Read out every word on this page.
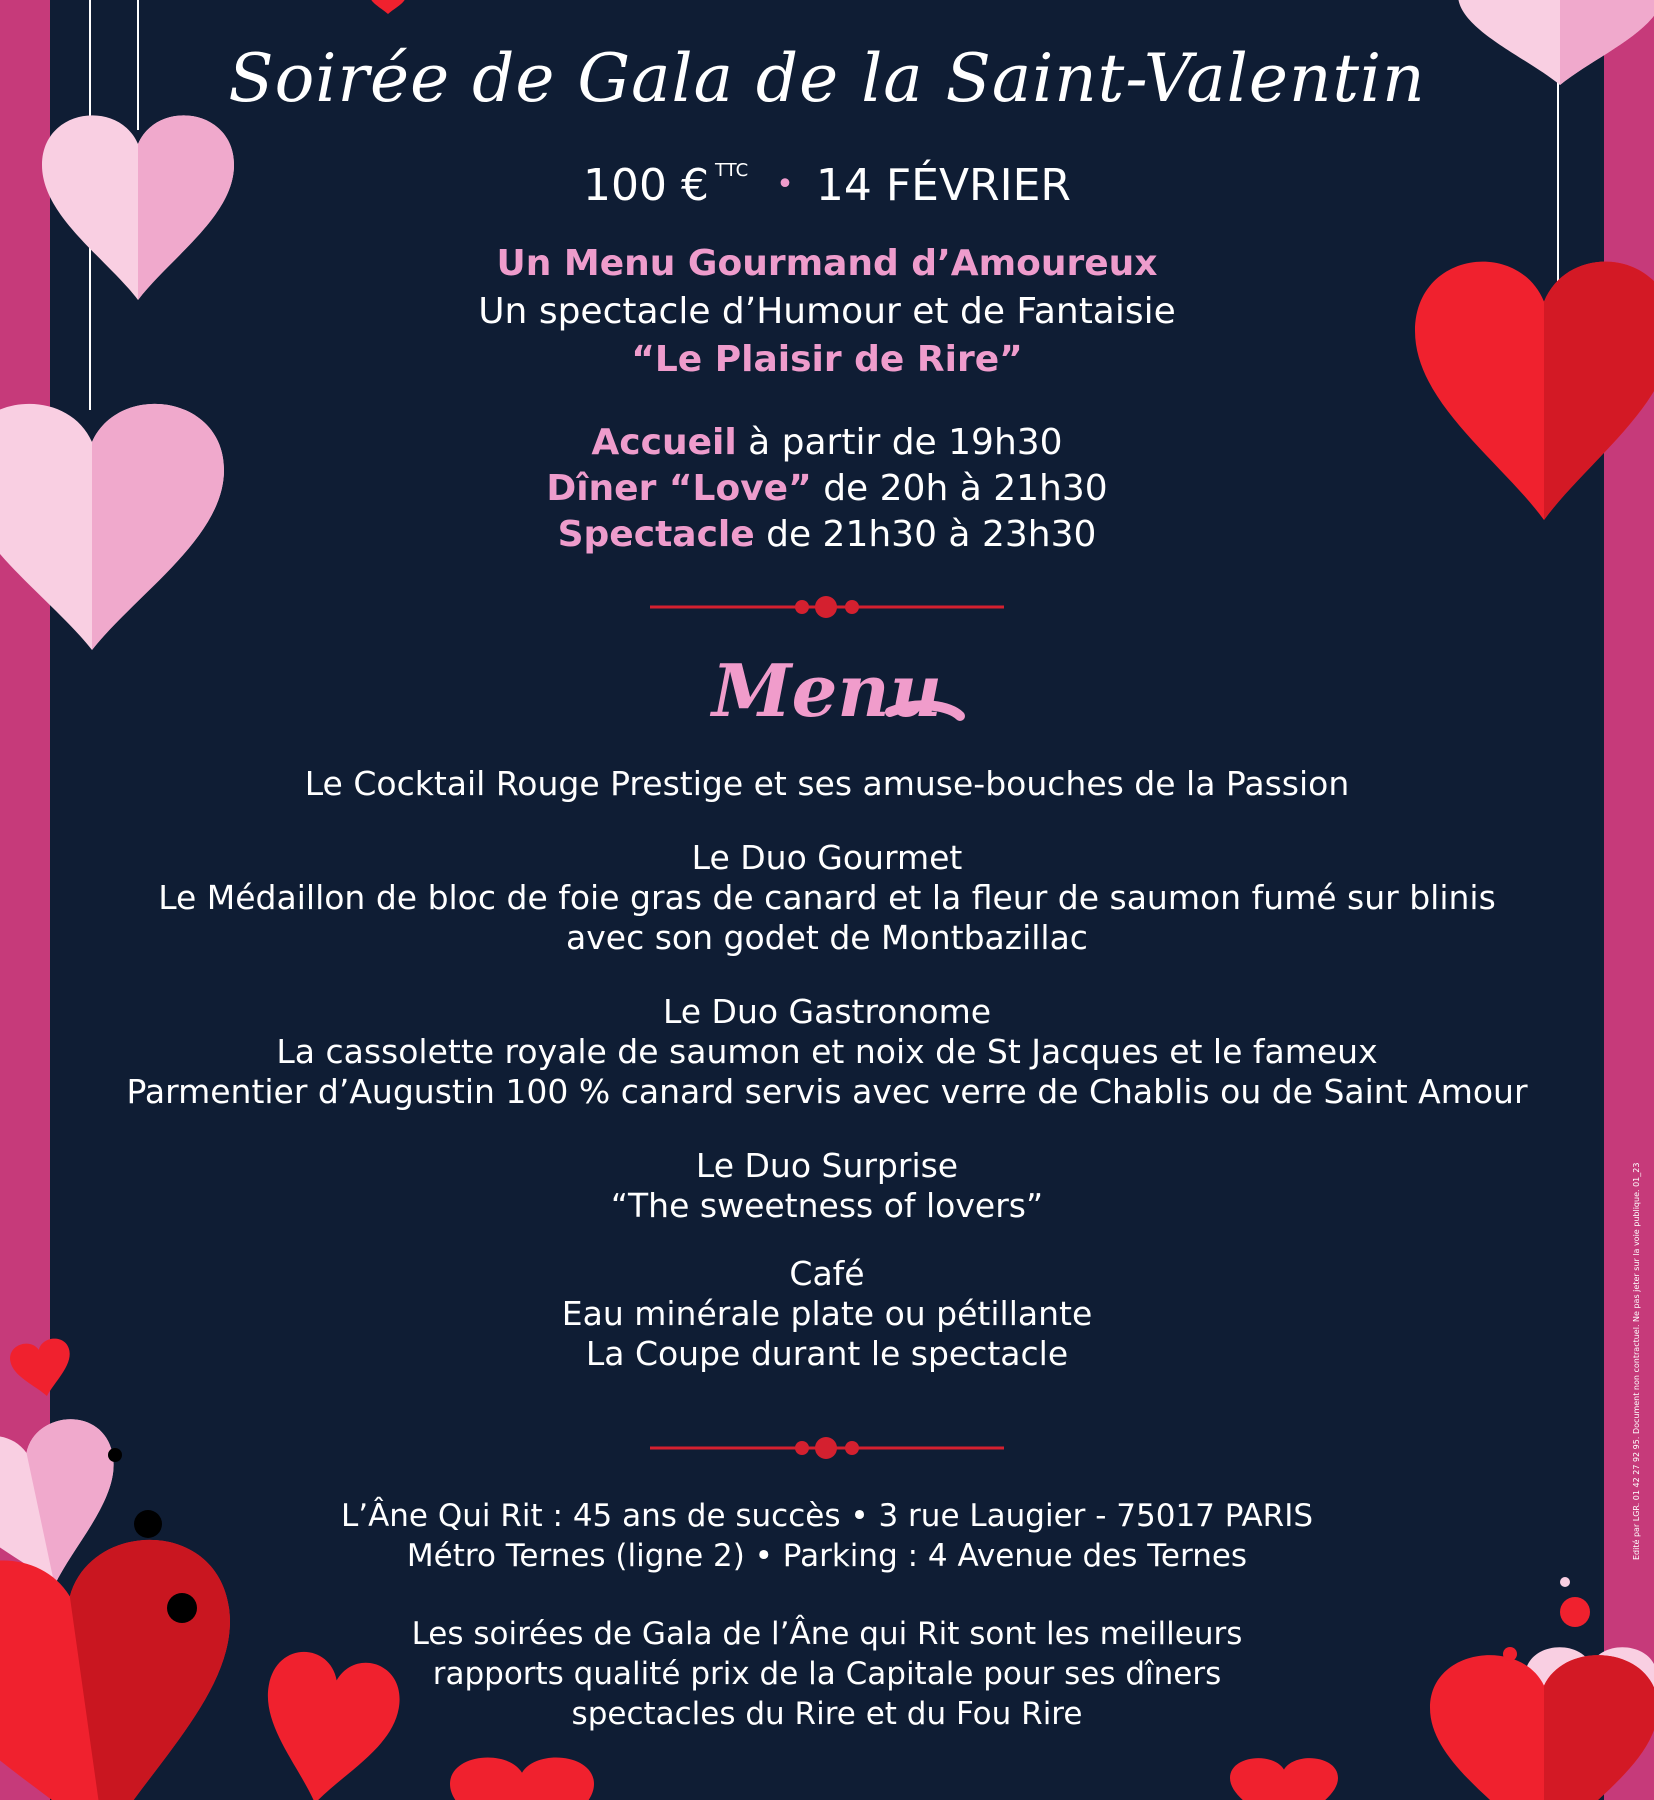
Soirée de Gala de la Saint-Valentin
100 € $^{TTC}$ • 14 FÉVRIER
Un Menu Gourmand d’Amoureux
Un spectacle d’Humour et de Fantaisie
“Le Plaisir de Rire”
Accueil à partir de 19h30
Dîner “Love” de 20h à 21h30
Spectacle de 21h30 à 23h30
Menu
Le Cocktail Rouge Prestige et ses amuse-bouches de la Passion
Le Duo Gourmet
Le Médaillon de bloc de foie gras de canard et la fleur de saumon fumé sur blinis
avec son godet de Montbazillac
Le Duo Gastronome
La cassolette royale de saumon et noix de St Jacques et le fameux
Parmentier d’Augustin 100 % canard servis avec verre de Chablis ou de Saint Amour
Le Duo Surprise
“The sweetness of lovers”
Café
Eau minérale plate ou pétillante
La Coupe durant le spectacle
L’Âne Qui Rit : 45 ans de succès • 3 rue Laugier - 75017 PARIS
Métro Ternes (ligne 2) • Parking : 4 Avenue des Ternes
Les soirées de Gala de l’Âne qui Rit sont les meilleurs
rapports qualité prix de la Capitale pour ses dîners
spectacles du Rire et du Fou Rire
Edité par LGR. 01 42 27 92 95. Document non contractuel. Ne pas jeter sur la voie publique. 01_23
